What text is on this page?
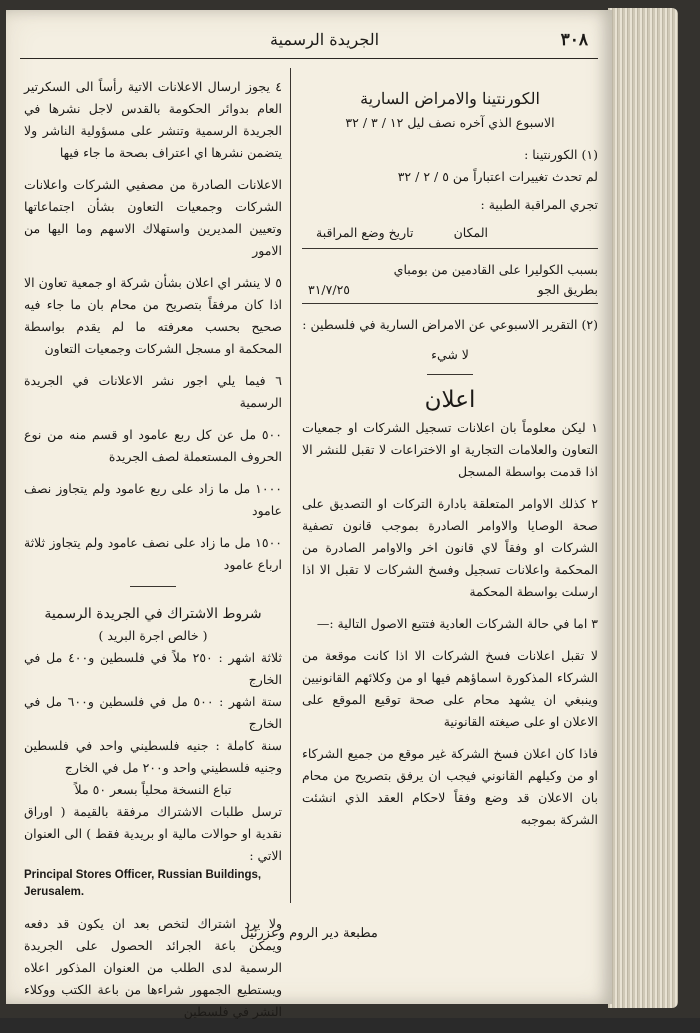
٣٠٨
الجريدة الرسمية
الكورنتينا والامراض السارية
الاسبوع الذي آخره نصف ليل ١٢ / ٣ / ٣٢
(١) الكورنتينا :
لم تحدث تغييرات اعتباراً من ٥ / ٢ / ٣٢
تجري المراقبة الطبية :
المكان
تاريخ وضع المراقبة
بسبب الكوليرا على القادمين من بومباي
بطريق الجو
٣١/٧/٢٥
(٢) التقرير الاسبوعي عن الامراض السارية في فلسطين :
لا شيء
اعلان

١ ليكن معلوماً بان اعلانات تسجيل الشركات او جمعيات التعاون والعلامات التجارية او الاختراعات لا تقبل للنشر الا اذا قدمت بواسطة المسجل

٢ كذلك الاوامر المتعلقة بادارة التركات او التصديق على صحة الوصايا والاوامر الصادرة بموجب قانون تصفية الشركات او وفقاً لاي قانون اخر والاوامر الصادرة من المحكمة واعلانات تسجيل وفسخ الشركات لا تقبل الا اذا ارسلت بواسطة المحكمة

٣ اما في حالة الشركات العادية فتتبع الاصول التالية :—

لا تقبل اعلانات فسخ الشركات الا اذا كانت موقعة من الشركاء المذكورة اسماؤهم فيها او من وكلائهم القانونيين وينبغي ان يشهد محام على صحة توقيع الموقع على الاعلان او على صيغته القانونية

فاذا كان اعلان فسخ الشركة غير موقع من جميع الشركاء او من وكيلهم القانوني فيجب ان يرفق بتصريح من محام بان الاعلان قد وضع وفقاً لاحكام العقد الذي انشئت الشركة بموجبه

٤ يجوز ارسال الاعلانات الاتية رأساً الى السكرتير العام بدوائر الحكومة بالقدس لاجل نشرها في الجريدة الرسمية وتنشر على مسؤولية الناشر ولا يتضمن نشرها اي اعتراف بصحة ما جاء فيها

الاعلانات الصادرة من مصفيي الشركات واعلانات الشركات وجمعيات التعاون بشأن اجتماعاتها وتعيين المديرين واستهلاك الاسهم وما اليها من الامور

٥ لا ينشر اي اعلان بشأن شركة او جمعية تعاون الا اذا كان مرفقاً بتصريح من محام بان ما جاء فيه صحيح بحسب معرفته ما لم يقدم بواسطة المحكمة او مسجل الشركات وجمعيات التعاون

٦ فيما يلي اجور نشر الاعلانات في الجريدة الرسمية

٥٠٠ مل عن كل ربع عامود او قسم منه من نوع الحروف المستعملة لصف الجريدة

١٠٠٠ مل ما زاد على ربع عامود ولم يتجاوز نصف عامود

١٥٠٠ مل ما زاد على نصف عامود ولم يتجاوز ثلاثة ارباع عامود

شروط الاشتراك في الجريدة الرسمية
( خالص اجرة البريد )
ثلاثة اشهر : ٢٥٠ ملاً في فلسطين و٤٠٠ مل في الخارج
ستة اشهر : ٥٠٠ مل في فلسطين و٦٠٠ مل في الخارج
سنة كاملة : جنيه فلسطيني واحد في فلسطين وجنيه فلسطيني واحد و٢٠٠ مل في الخارج
تباع النسخة محلياً بسعر ٥٠ ملاً
ترسل طلبات الاشتراك مرفقة بالقيمة ( اوراق نقدية او حوالات مالية او بريدية فقط ) الى العنوان الاتي :
Principal Stores Officer, Russian Buildings, Jerusalem.

ولا يرد اشتراك لتخص بعد ان يكون قد دفعه ويمكن باعة الجرائد الحصول على الجريدة الرسمية لدى الطلب من العنوان المذكور اعلاه ويستطيع الجمهور شراءها من باعة الكتب ووكلاء النشر في فلسطين

مطبعة دير الروم وعزرئيل
